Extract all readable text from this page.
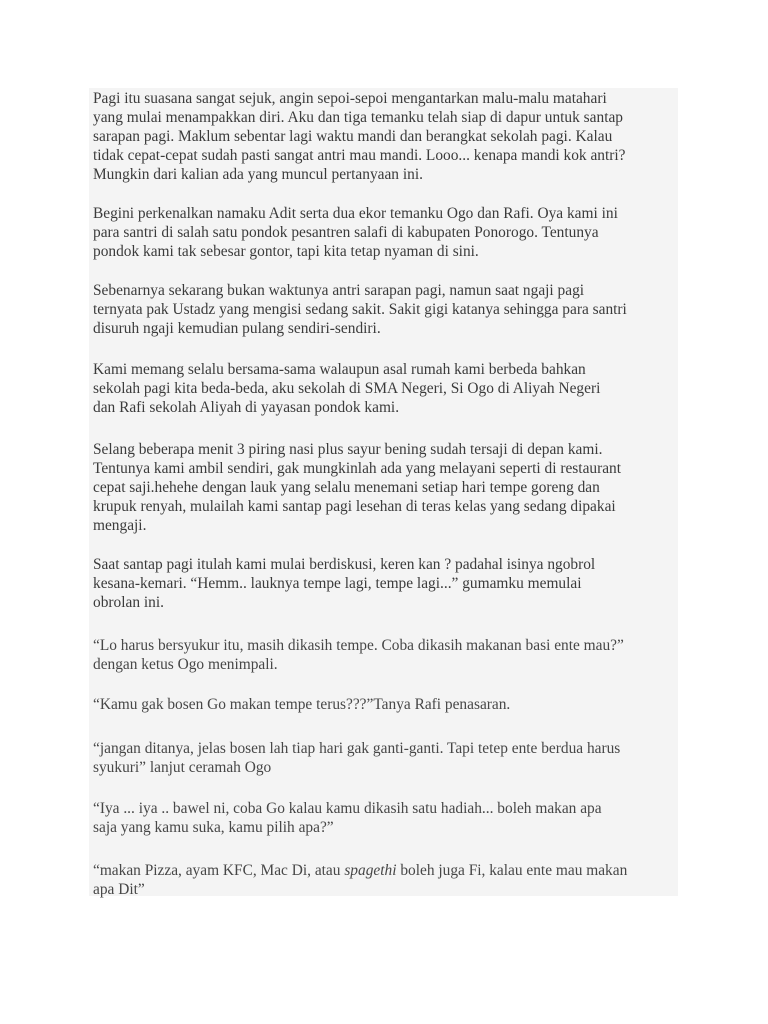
Pagi itu suasana sangat sejuk, angin sepoi-sepoi mengantarkan malu-malu matahari
yang mulai menampakkan diri. Aku dan tiga temanku telah siap di dapur untuk santap
sarapan pagi. Maklum sebentar lagi waktu mandi dan berangkat sekolah pagi. Kalau
tidak cepat-cepat sudah pasti sangat antri mau mandi. Looo... kenapa mandi kok antri?
Mungkin dari kalian ada yang muncul pertanyaan ini.

Begini perkenalkan namaku Adit serta dua ekor temanku Ogo dan Rafi. Oya kami ini
para santri di salah satu pondok pesantren salafi di kabupaten Ponorogo. Tentunya
pondok kami tak sebesar gontor, tapi kita tetap nyaman di sini.

Sebenarnya sekarang bukan waktunya antri sarapan pagi, namun saat ngaji pagi
ternyata pak Ustadz yang mengisi sedang sakit. Sakit gigi katanya sehingga para santri
disuruh ngaji kemudian pulang sendiri-sendiri.

Kami memang selalu bersama-sama walaupun asal rumah kami berbeda bahkan
sekolah pagi kita beda-beda, aku sekolah di SMA Negeri, Si Ogo di Aliyah Negeri
dan Rafi sekolah Aliyah di yayasan pondok kami.

Selang beberapa menit 3 piring nasi plus sayur bening sudah tersaji di depan kami.
Tentunya kami ambil sendiri, gak mungkinlah ada yang melayani seperti di restaurant
cepat saji.hehehe dengan lauk yang selalu menemani setiap hari tempe goreng dan
krupuk renyah, mulailah kami santap pagi lesehan di teras kelas yang sedang dipakai
mengaji.

Saat santap pagi itulah kami mulai berdiskusi, keren kan ? padahal isinya ngobrol
kesana-kemari. “Hemm.. lauknya tempe lagi, tempe lagi...” gumamku memulai
obrolan ini.

“Lo harus bersyukur itu, masih dikasih tempe. Coba dikasih makanan basi ente mau?”
dengan ketus Ogo menimpali.

“Kamu gak bosen Go makan tempe terus???”Tanya Rafi penasaran.

“jangan ditanya, jelas bosen lah tiap hari gak ganti-ganti. Tapi tetep ente berdua harus
syukuri” lanjut ceramah Ogo

“Iya ... iya .. bawel ni, coba Go kalau kamu dikasih satu hadiah... boleh makan apa
saja yang kamu suka, kamu pilih apa?”

“makan Pizza, ayam KFC, Mac Di, atau spagethi boleh juga Fi, kalau ente mau makan
apa Dit”
